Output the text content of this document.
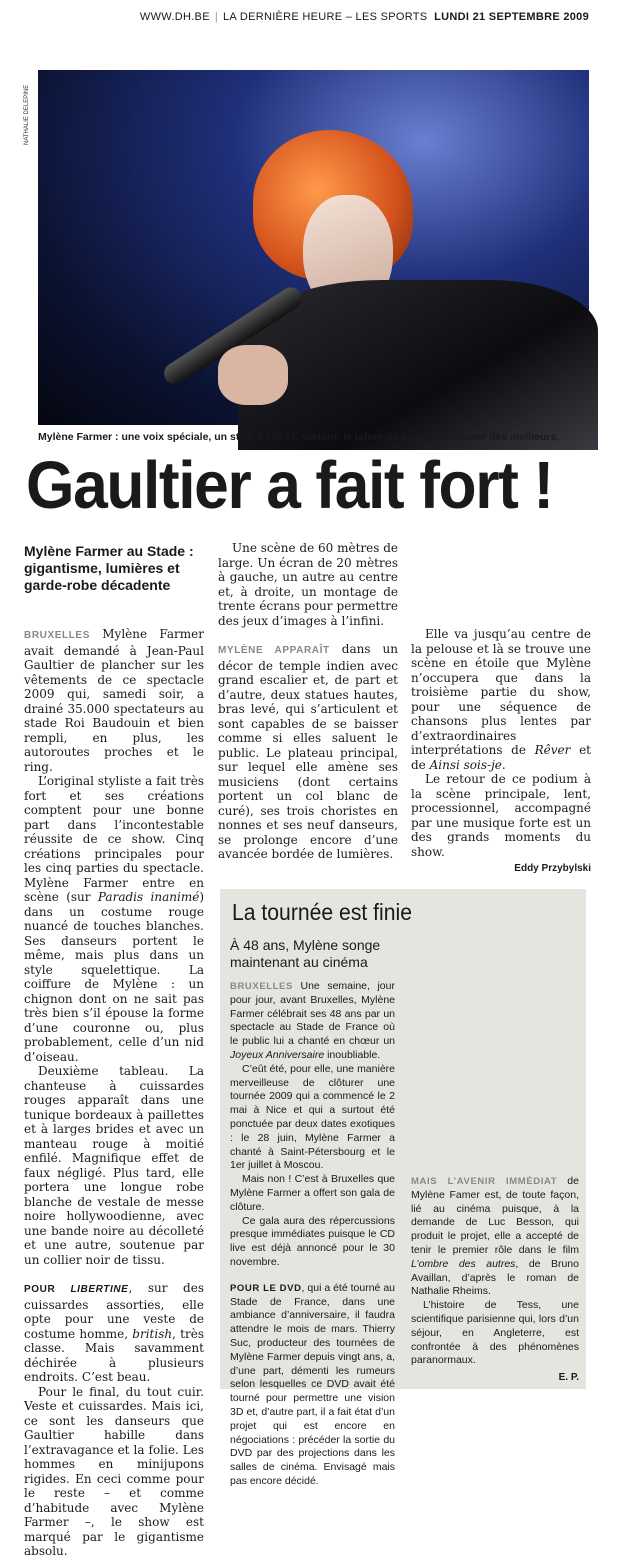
WWW.DH.BE | LA DERNIÈRE HEURE – LES SPORTS LUNDI 21 SEPTEMBRE 2009
NATHALIE DELEPINE
Mylène Farmer : une voix spéciale, un style à elle et, surtout, le talent de savoir s’entourer des meilleurs.
Gaultier a fait fort !
Mylène Farmer au Stade : gigantisme, lumières et garde-robe décadente

BRUXELLES Mylène Farmer avait demandé à Jean-Paul Gaultier de plancher sur les vêtements de ce spectacle 2009 qui, samedi soir, a drainé 35.000 spectateurs au stade Roi Baudouin et bien rempli, en plus, les autoroutes proches et le ring.

L’original styliste a fait très fort et ses créations comptent pour une bonne part dans l’incontestable réussite de ce show. Cinq créations principales pour les cinq parties du spectacle. Mylène Farmer entre en scène (sur Paradis inanimé) dans un costume rouge nuancé de touches blanches. Ses danseurs portent le même, mais plus dans un style squelettique. La coiffure de Mylène : un chignon dont on ne sait pas très bien s’il épouse la forme d’une couronne ou, plus probablement, celle d’un nid d’oiseau.

Deuxième tableau. La chanteuse à cuissardes rouges apparaît dans une tunique bordeaux à paillettes et à larges brides et avec un manteau rouge à moitié enfilé. Magnifique effet de faux négligé. Plus tard, elle portera une longue robe blanche de vestale de messe noire hollywoodienne, avec une bande noire au décolleté et une autre, soutenue par un collier noir de tissu.

POUR LIBERTINE, sur des cuissardes assorties, elle opte pour une veste de costume homme, british, très classe. Mais savamment déchirée à plusieurs endroits. C’est beau.

Pour le final, du tout cuir. Veste et cuissardes. Mais ici, ce sont les danseurs que Gaultier habille dans l’extravagance et la folie. Les hommes en minijupons rigides. En ceci comme pour le reste – et comme d’habitude avec Mylène Farmer –, le show est marqué par le gigantisme absolu.

Une scène de 60 mètres de large. Un écran de 20 mètres à gauche, un autre au centre et, à droite, un montage de trente écrans pour permettre des jeux d’images à l’infini.

MYLÈNE APPARAÎT dans un décor de temple indien avec grand escalier et, de part et d’autre, deux statues hautes, bras levé, qui s’articulent et sont capables de se baisser comme si elles saluent le public. Le plateau principal, sur lequel elle amène ses musiciens (dont certains portent un col blanc de curé), ses trois choristes en nonnes et ses neuf danseurs, se prolonge encore d’une avancée bordée de lumières.

Elle va jusqu’au centre de la pelouse et là se trouve une scène en étoile que Mylène n’occupera que dans la troisième partie du show, pour une séquence de chansons plus lentes par d’extraordinaires interprétations de Rêver et de Ainsi sois-je.

Le retour de ce podium à la scène principale, lent, processionnel, accompagné par une musique forte est un des grands moments du show.

Eddy Przybylski
La tournée est finie
À 48 ans, Mylène songe maintenant au cinéma

BRUXELLES Une semaine, jour pour jour, avant Bruxelles, Mylène Farmer célébrait ses 48 ans par un spectacle au Stade de France où le public lui a chanté en chœur un Joyeux Anniversaire inoubliable.

C’eût été, pour elle, une manière merveilleuse de clôturer une tournée 2009 qui a commencé le 2 mai à Nice et qui a surtout été ponctuée par deux dates exotiques : le 28 juin, Mylène Farmer a chanté à Saint-Pétersbourg et le 1er juillet à Moscou.

Mais non ! C’est à Bruxelles que Mylène Farmer a offert son gala de clôture.

Ce gala aura des répercussions presque immédiates puisque le CD live est déjà annoncé pour le 30 novembre.

POUR LE DVD, qui a été tourné au Stade de France, dans une ambiance d’anniversaire, il faudra attendre le mois de mars. Thierry Suc, producteur des tournées de Mylène Farmer depuis vingt ans, a, d’une part, démenti les rumeurs selon lesquelles ce DVD avait été tourné pour permettre une vision 3D et, d’autre part, il a fait état d’un projet qui est encore en négociations : précéder la sortie du DVD par des projections dans les salles de cinéma. Envisagé mais pas encore décidé.

MAIS L’AVENIR IMMÉDIAT de Mylène Famer est, de toute façon, lié au cinéma puisque, à la demande de Luc Besson, qui produit le projet, elle a accepté de tenir le premier rôle dans le film L’ombre des autres, de Bruno Availlan, d’après le roman de Nathalie Rheims.

L’histoire de Tess, une scientifique parisienne qui, lors d’un séjour, en Angleterre, est confrontée à des phénomènes paranormaux.

E. P.
